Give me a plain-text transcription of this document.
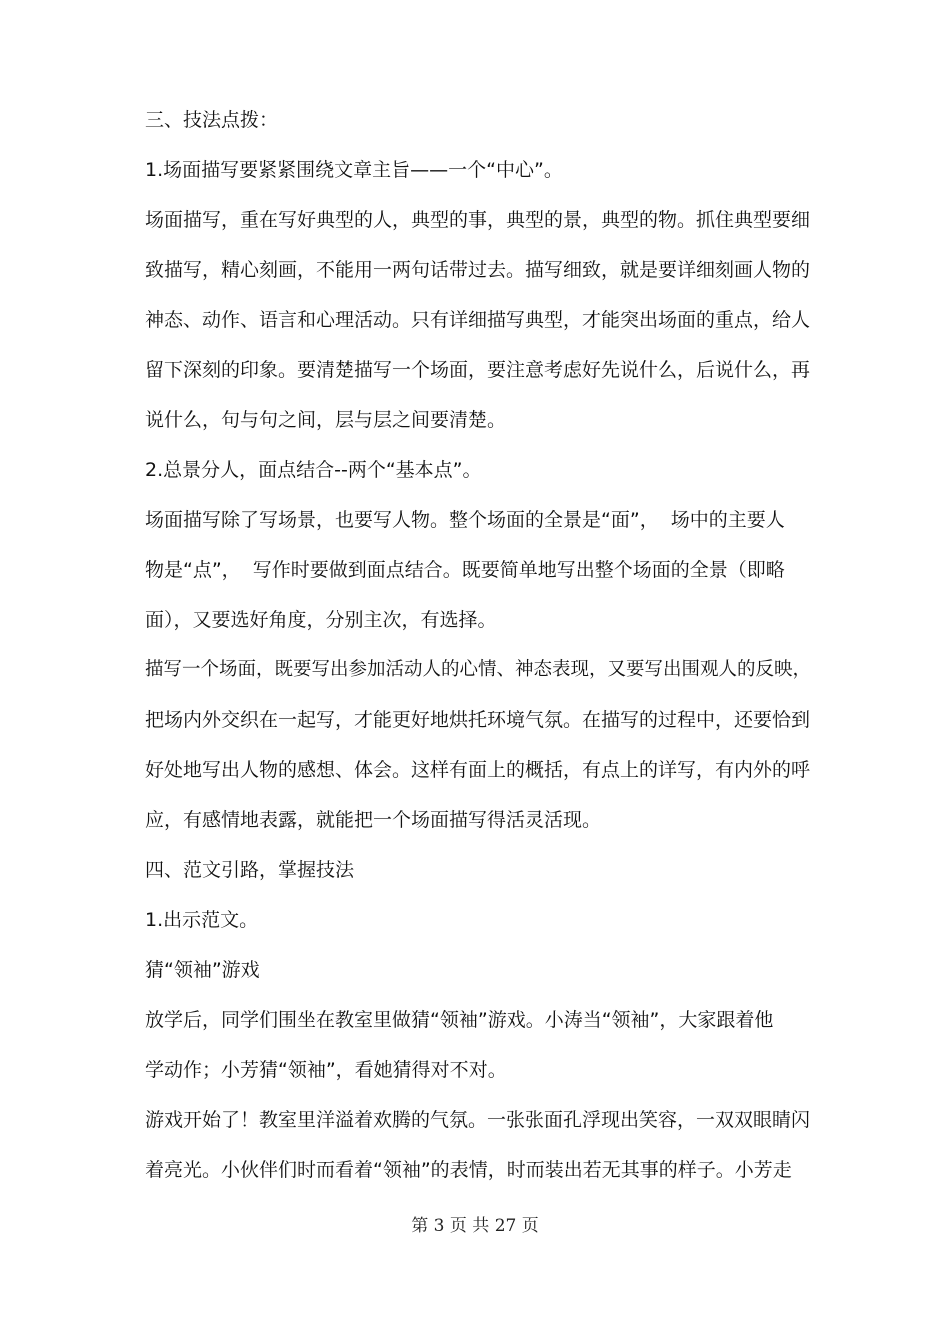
三、技法点拨：

1.场面描写要紧紧围绕文章主旨——一个“中心”。

场面描写，重在写好典型的人，典型的事，典型的景，典型的物。抓住典型要细

致描写，精心刻画，不能用一两句话带过去。描写细致，就是要详细刻画人物的

神态、动作、语言和心理活动。只有详细描写典型，才能突出场面的重点，给人

留下深刻的印象。要清楚描写一个场面，要注意考虑好先说什么，后说什么，再

说什么，句与句之间，层与层之间要清楚。

2.总景分人，面点结合--两个“基本点”。

场面描写除了写场景，也要写人物。整个场面的全景是“面”，  场中的主要人

物是“点”，  写作时要做到面点结合。既要简单地写出整个场面的全景（即略

面），又要选好角度，分别主次，有选择。

描写一个场面，既要写出参加活动人的心情、神态表现，又要写出围观人的反映，

把场内外交织在一起写，才能更好地烘托环境气氛。在描写的过程中，还要恰到

好处地写出人物的感想、体会。这样有面上的概括，有点上的详写，有内外的呼

应，有感情地表露，就能把一个场面描写得活灵活现。

四、范文引路，掌握技法

1.出示范文。

猜“领袖”游戏

放学后，同学们围坐在教室里做猜“领袖”游戏。小涛当“领袖”，大家跟着他

学动作；小芳猜“领袖”，看她猜得对不对。

游戏开始了！教室里洋溢着欢腾的气氛。一张张面孔浮现出笑容，一双双眼睛闪

着亮光。小伙伴们时而看着“领袖”的表情，时而装出若无其事的样子。小芳走

第 3 页 共 27 页
